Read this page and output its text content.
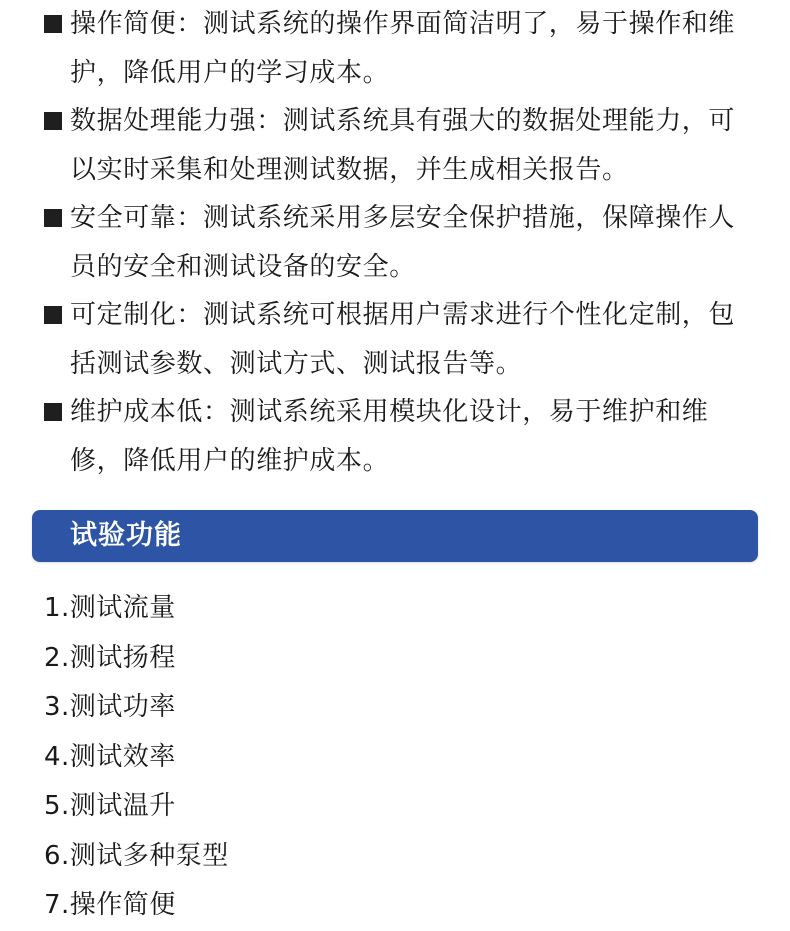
操作简便：测试系统的操作界面简洁明了，易于操作和维护，降低用户的学习成本。
数据处理能力强：测试系统具有强大的数据处理能力，可以实时采集和处理测试数据，并生成相关报告。
安全可靠：测试系统采用多层安全保护措施，保障操作人员的安全和测试设备的安全。
可定制化：测试系统可根据用户需求进行个性化定制，包括测试参数、测试方式、测试报告等。
维护成本低：测试系统采用模块化设计，易于维护和维修，降低用户的维护成本。
试验功能
1.测试流量
2.测试扬程
3.测试功率
4.测试效率
5.测试温升
6.测试多种泵型
7.操作简便
